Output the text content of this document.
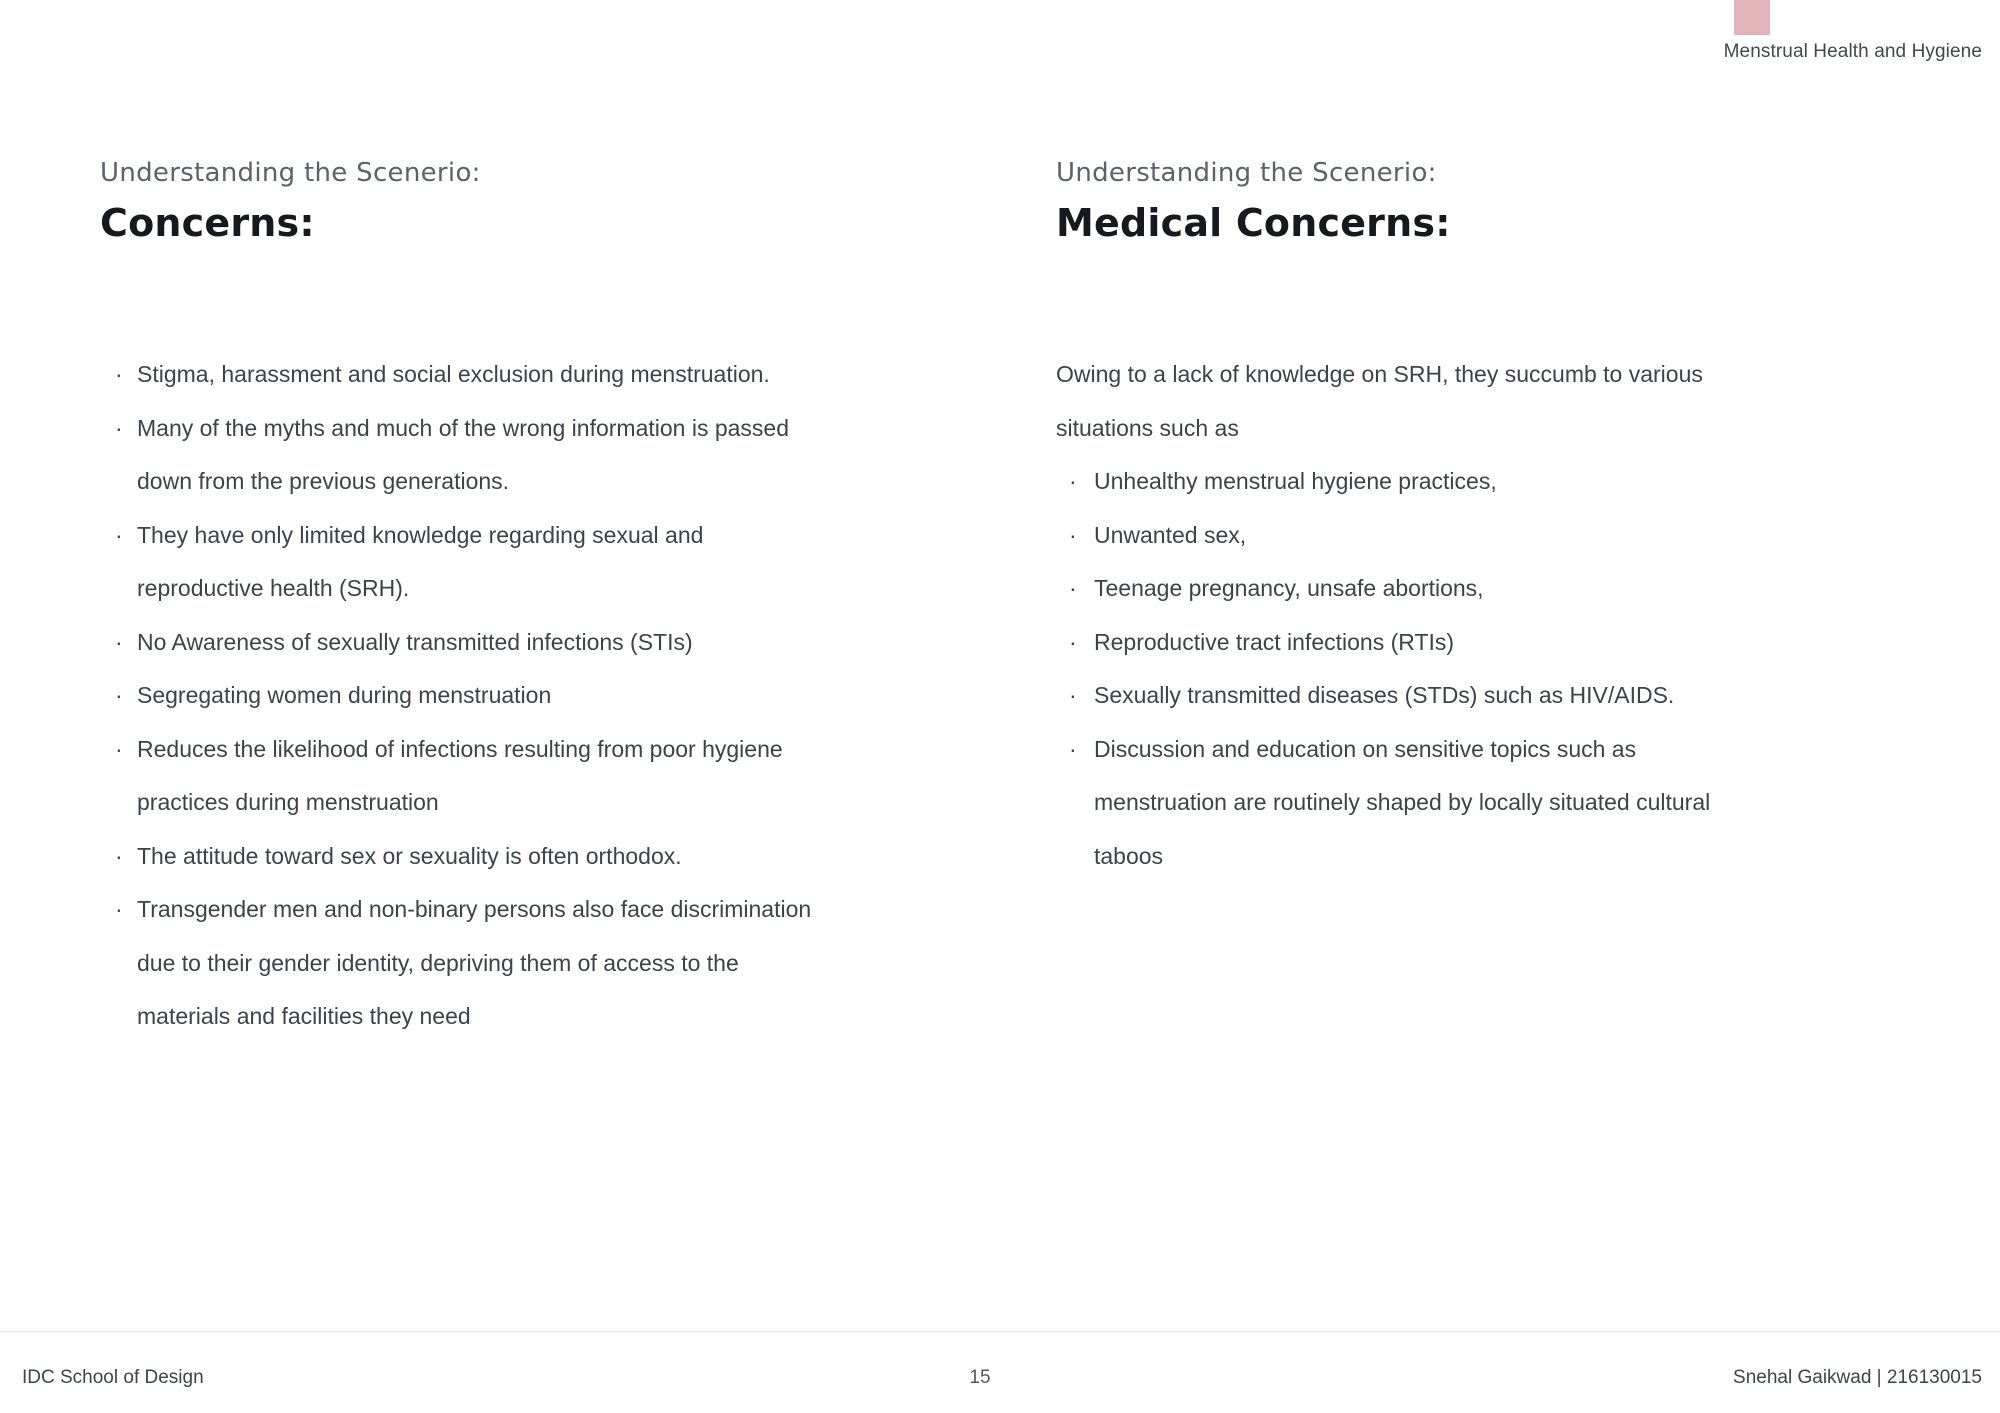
Menstrual Health and Hygiene
Understanding the Scenerio:
Concerns:
· Stigma, harassment and social exclusion during menstruation.
· Many of the myths and much of the wrong information is passed down from the previous generations.
· They have only limited knowledge regarding sexual and reproductive health (SRH).
· No Awareness of sexually transmitted infections (STIs)
· Segregating women during menstruation
· Reduces the likelihood of infections resulting from poor hygiene practices during menstruation
· The attitude toward sex or sexuality is often orthodox.
· Transgender men and non-binary persons also face discrimination due to their gender identity, depriving them of access to the materials and facilities they need
Understanding the Scenerio:
Medical Concerns:

Owing to a lack of knowledge on SRH, they succumb to various situations such as

· Unhealthy menstrual hygiene practices,
· Unwanted sex,
· Teenage pregnancy, unsafe abortions,
· Reproductive tract infections (RTIs)
· Sexually transmitted diseases (STDs) such as HIV/AIDS.
· Discussion and education on sensitive topics such as menstruation are routinely shaped by locally situated cultural taboos
IDC School of Design	15	Snehal Gaikwad | 216130015
